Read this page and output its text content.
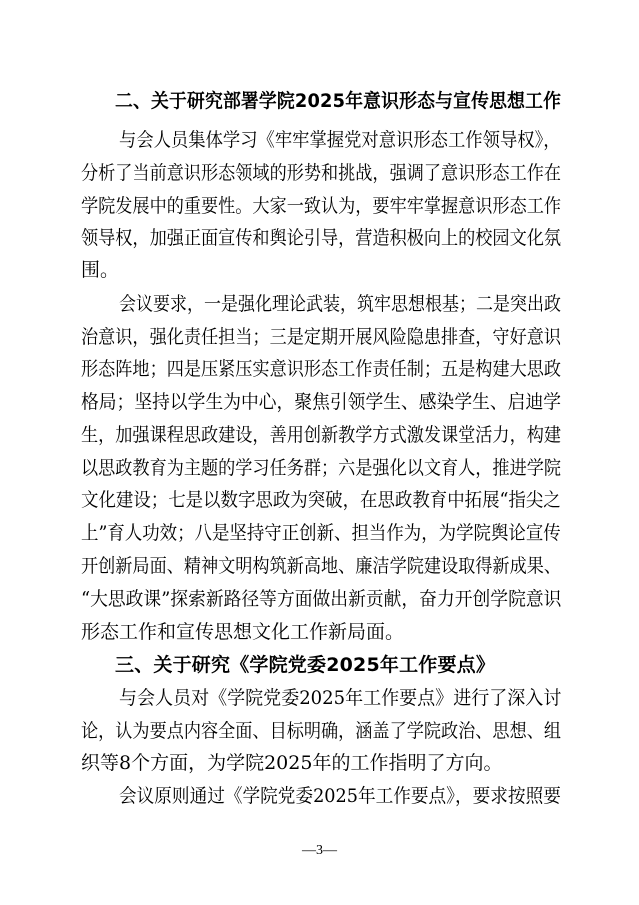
二、关于研究部署学院2025年意识形态与宣传思想工作
与会人员集体学习《牢牢掌握党对意识形态工作领导权》，
分析了当前意识形态领域的形势和挑战，强调了意识形态工作在
学院发展中的重要性。大家一致认为，要牢牢掌握意识形态工作
领导权，加强正面宣传和舆论引导，营造积极向上的校园文化氛
围。
会议要求，一是强化理论武装，筑牢思想根基；二是突出政
治意识，强化责任担当；三是定期开展风险隐患排查，守好意识
形态阵地；四是压紧压实意识形态工作责任制；五是构建大思政
格局；坚持以学生为中心，聚焦引领学生、感染学生、启迪学
生，加强课程思政建设，善用创新教学方式激发课堂活力，构建
以思政教育为主题的学习任务群；六是强化以文育人，推进学院
文化建设；七是以数字思政为突破，在思政教育中拓展“指尖之
上”育人功效；八是坚持守正创新、担当作为，为学院舆论宣传
开创新局面、精神文明构筑新高地、廉洁学院建设取得新成果、
“大思政课”探索新路径等方面做出新贡献，奋力开创学院意识
形态工作和宣传思想文化工作新局面。
三、关于研究《学院党委2025年工作要点》
与会人员对《学院党委2025年工作要点》进行了深入讨
论，认为要点内容全面、目标明确，涵盖了学院政治、思想、组
织等8个方面，为学院2025年的工作指明了方向。
会议原则通过《学院党委2025年工作要点》，要求按照要
—3—
